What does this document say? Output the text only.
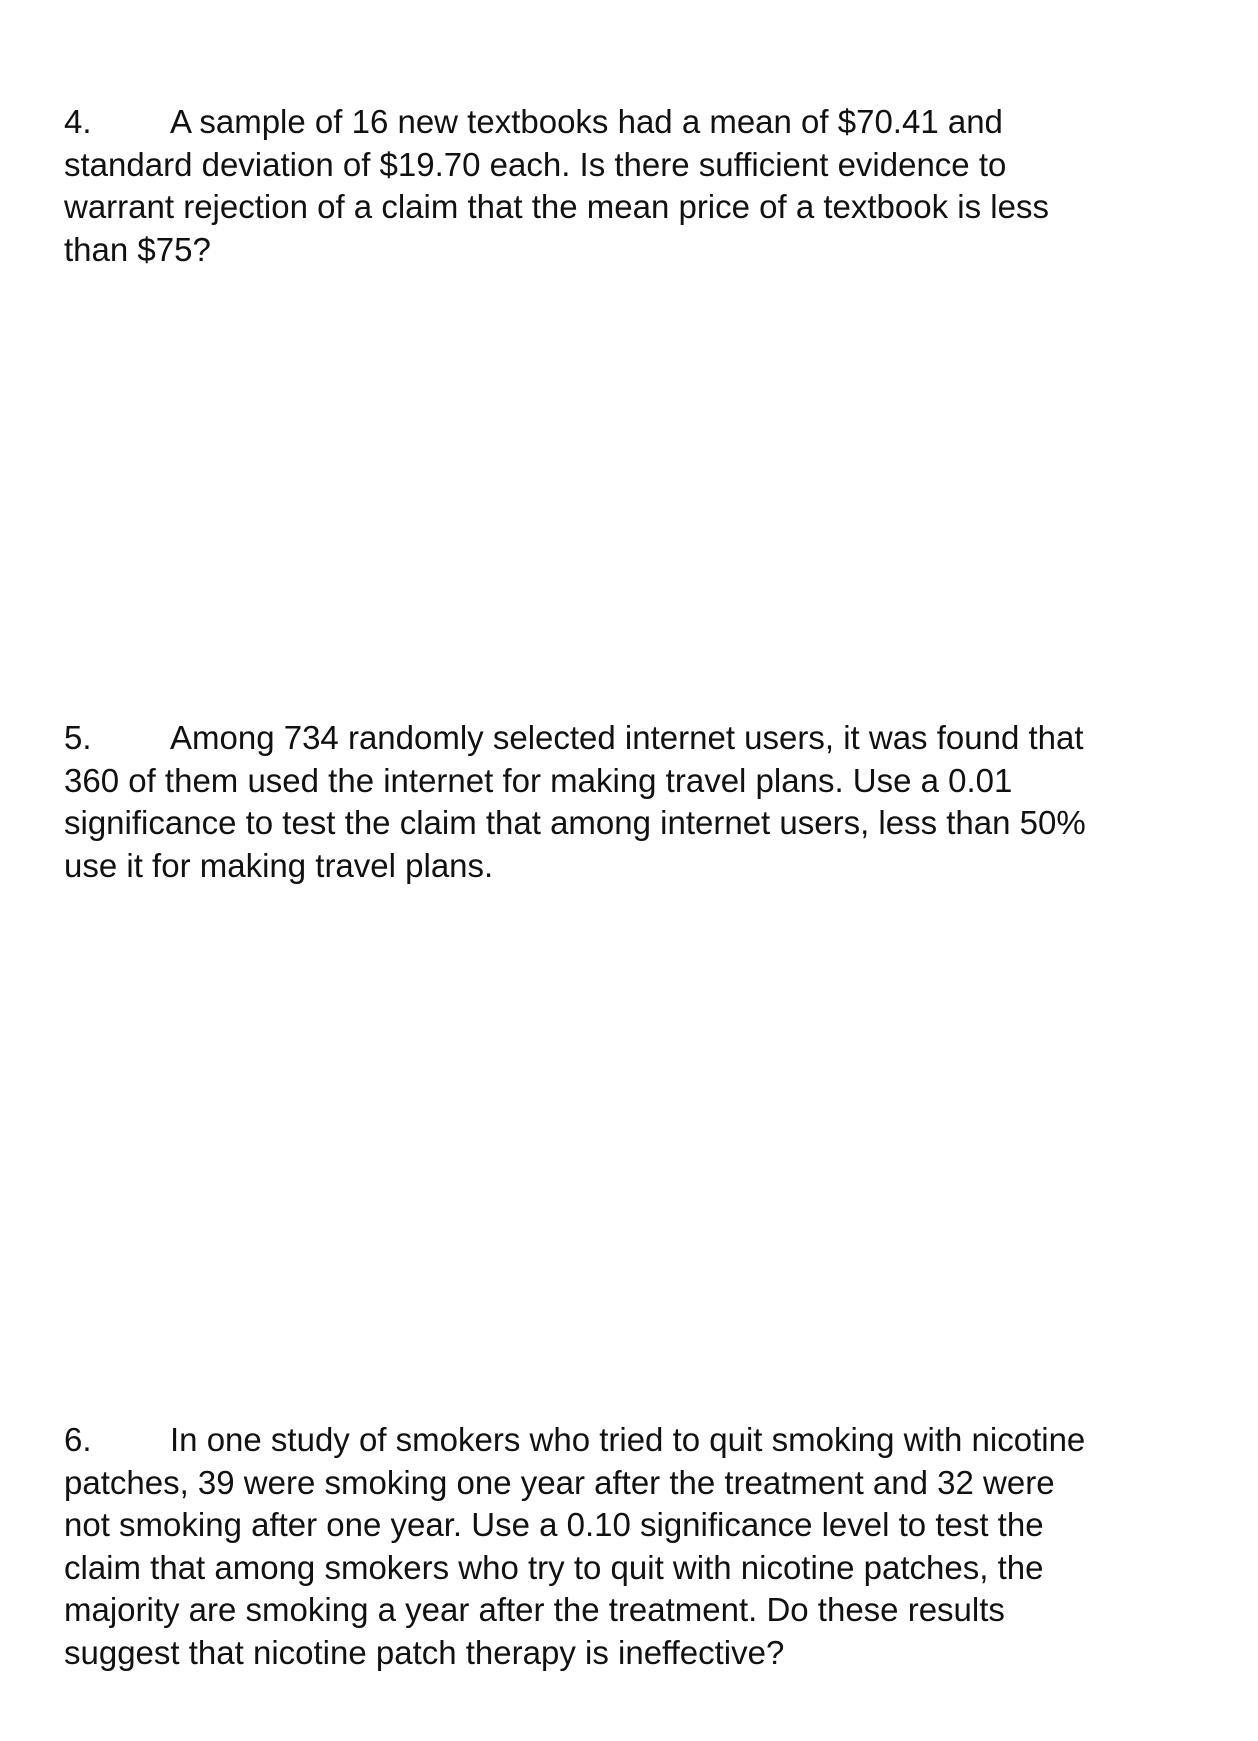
4. A sample of 16 new textbooks had a mean of $70.41 and
standard deviation of $19.70 each. Is there sufficient evidence to
warrant rejection of a claim that the mean price of a textbook is less
than $75?
5. Among 734 randomly selected internet users, it was found that
360 of them used the internet for making travel plans. Use a 0.01
significance to test the claim that among internet users, less than 50%
use it for making travel plans.
6. In one study of smokers who tried to quit smoking with nicotine
patches, 39 were smoking one year after the treatment and 32 were
not smoking after one year. Use a 0.10 significance level to test the
claim that among smokers who try to quit with nicotine patches, the
majority are smoking a year after the treatment. Do these results
suggest that nicotine patch therapy is ineffective?
